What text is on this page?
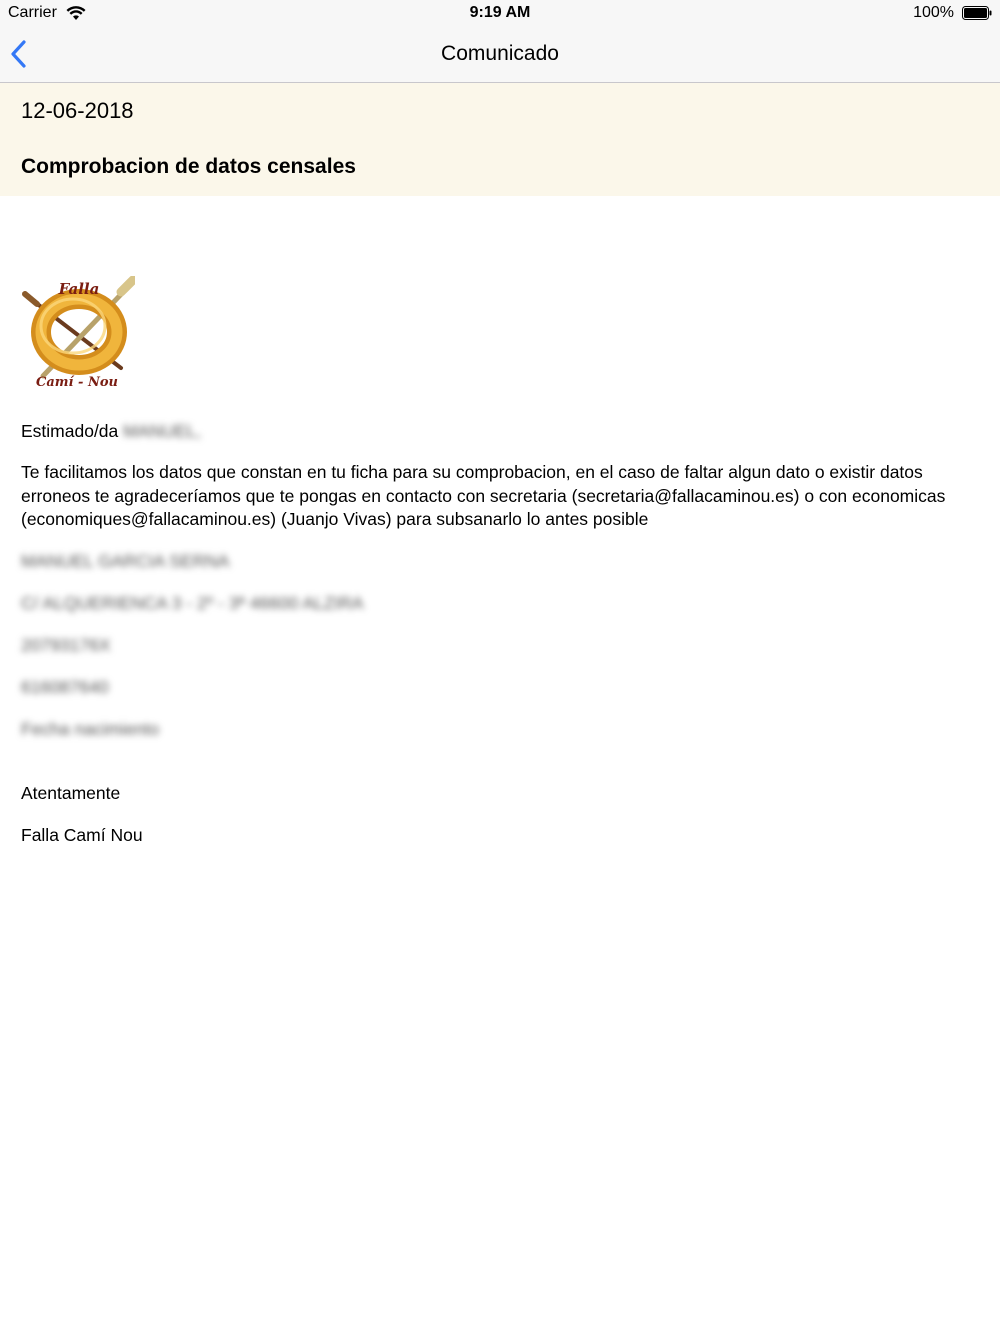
Carrier	9:19 AM	100%
Comunicado
12-06-2018
Comprobacion de datos censales
Falla
Camí - Nou
Estimado/da MANUEL,
Te facilitamos los datos que constan en tu ficha para su comprobacion, en el caso de faltar algun dato o existir datos erroneos te agradeceríamos que te pongas en contacto con secretaria (secretaria@fallacaminou.es) o con economicas (economiques@fallacaminou.es) (Juanjo Vivas) para subsanarlo lo antes posible
MANUEL GARCIA SERNA
C/ ALQUERIENCA 3 - 2º - 3ª 46600 ALZIRA
20793176X
616087640
Fecha nacimiento
Atentamente
Falla Camí Nou
